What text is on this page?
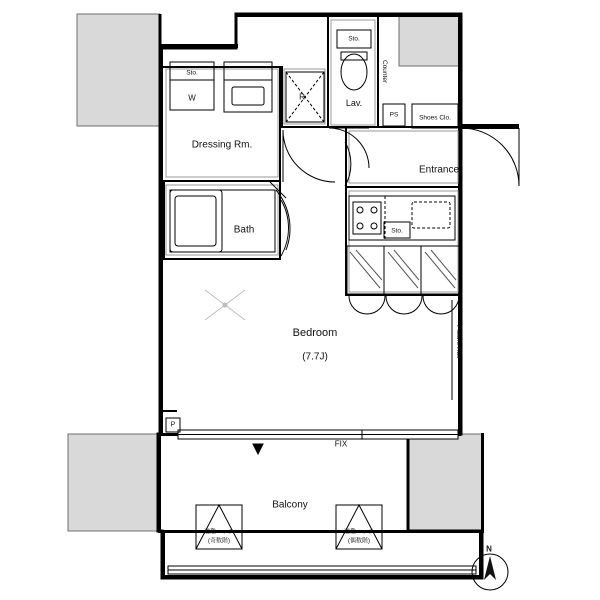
Bedroom
(7.7J)
Dressing Rm.
Bath
Lav.
Entrance
Balcony
Sto.
W
Sto.
Sto.
R
Counter
PS	Shoes Clo.
Picture Rail
FIX
P
N
避難ハッチ
(奇数階)
避難ハッチ
(偶数階)
